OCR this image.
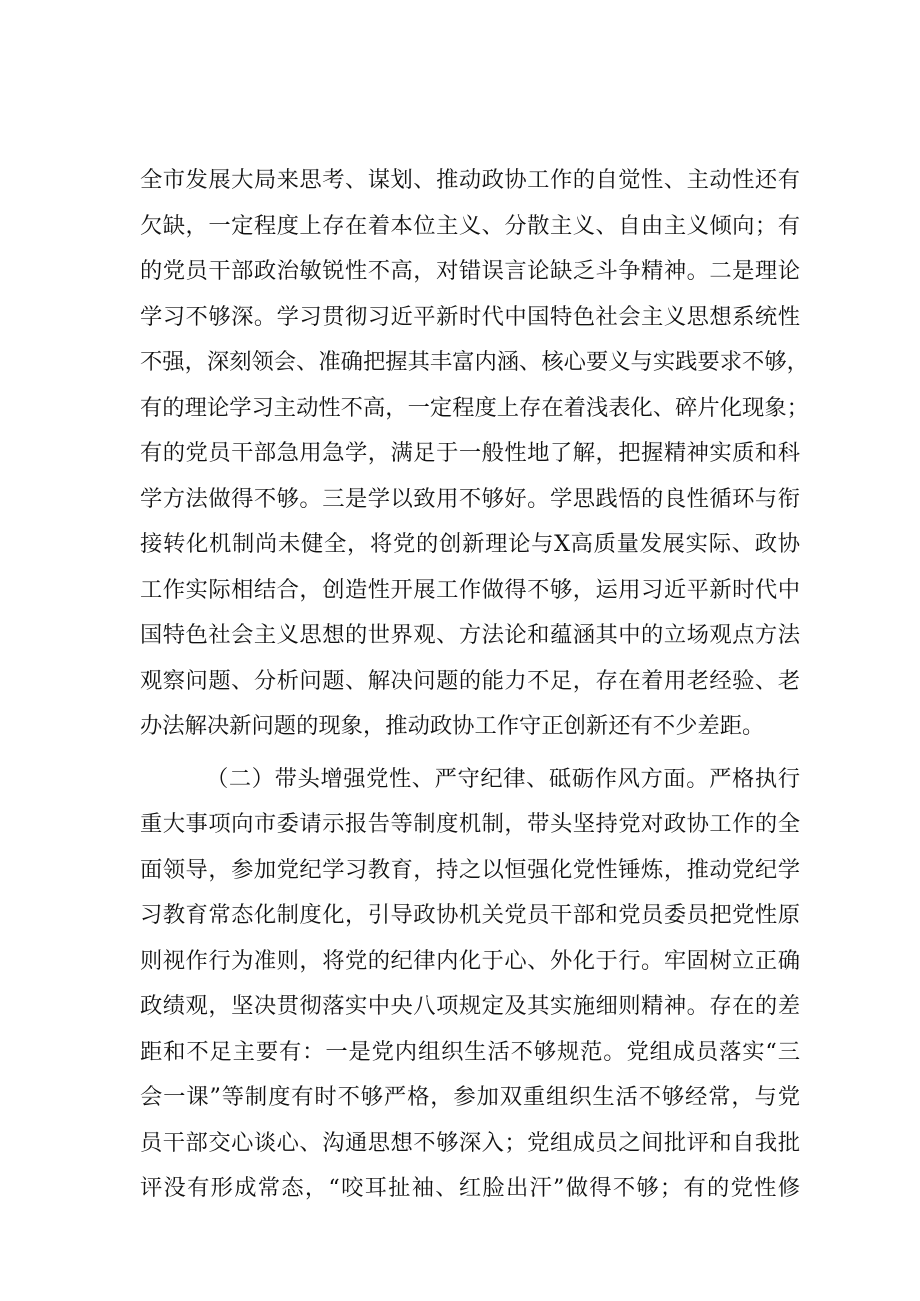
全市发展大局来思考、谋划、推动政协工作的自觉性、主动性还有
欠缺，一定程度上存在着本位主义、分散主义、自由主义倾向；有
的党员干部政治敏锐性不高，对错误言论缺乏斗争精神。二是理论
学习不够深。学习贯彻习近平新时代中国特色社会主义思想系统性
不强，深刻领会、准确把握其丰富内涵、核心要义与实践要求不够，
有的理论学习主动性不高，一定程度上存在着浅表化、碎片化现象；
有的党员干部急用急学，满足于一般性地了解，把握精神实质和科
学方法做得不够。三是学以致用不够好。学思践悟的良性循环与衔
接转化机制尚未健全，将党的创新理论与X高质量发展实际、政协
工作实际相结合，创造性开展工作做得不够，运用习近平新时代中
国特色社会主义思想的世界观、方法论和蕴涵其中的立场观点方法
观察问题、分析问题、解决问题的能力不足，存在着用老经验、老
办法解决新问题的现象，推动政协工作守正创新还有不少差距。
（二）带头增强党性、严守纪律、砥砺作风方面。严格执行
重大事项向市委请示报告等制度机制，带头坚持党对政协工作的全
面领导，参加党纪学习教育，持之以恒强化党性锤炼，推动党纪学
习教育常态化制度化，引导政协机关党员干部和党员委员把党性原
则视作行为准则，将党的纪律内化于心、外化于行。牢固树立正确
政绩观，坚决贯彻落实中央八项规定及其实施细则精神。存在的差
距和不足主要有：一是党内组织生活不够规范。党组成员落实“三
会一课”等制度有时不够严格，参加双重组织生活不够经常，与党
员干部交心谈心、沟通思想不够深入；党组成员之间批评和自我批
评没有形成常态，“咬耳扯袖、红脸出汗”做得不够；有的党性修
